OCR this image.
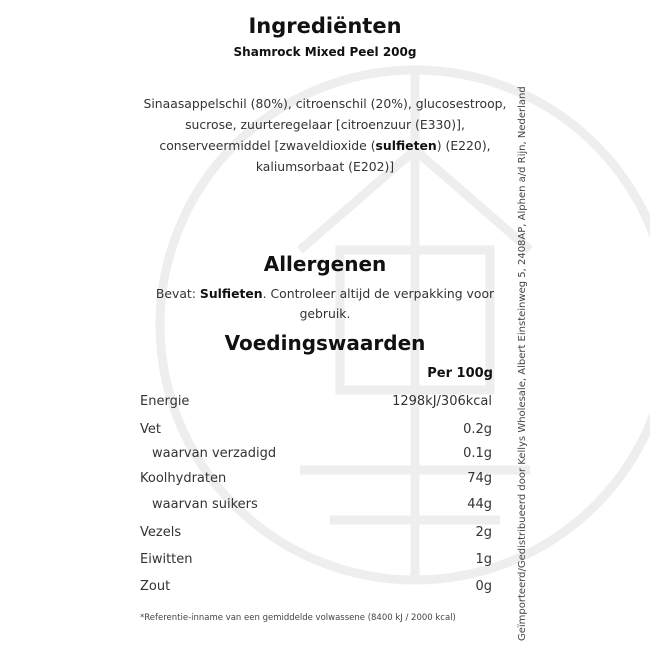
Ingrediënten
Shamrock Mixed Peel 200g
Sinaasappelschil (80%), citroenschil (20%), glucosestroop, sucrose, zuurteregelaar [citroenzuur (E330)], conserveermiddel [zwaveldioxide (sulfieten) (E220), kaliumsorbaat (E202)]
Allergenen
Bevat: Sulfieten. Controleer altijd de verpakking voor gebruik.
Voedingswaarden
Per 100g
Energie	1298kJ/306kcal
Vet	0.2g
waarvan verzadigd	0.1g
Koolhydraten	74g
waarvan suikers	44g
Vezels	2g
Eiwitten	1g
Zout	0g
*Referentie-inname van een gemiddelde volwassene (8400 kJ / 2000 kcal)	Geïmporteerd/Gedistribueerd door Kellys Wholesale, Albert Einsteinweg 5, 2408AP, Alphen a/d Rijn, Nederland
